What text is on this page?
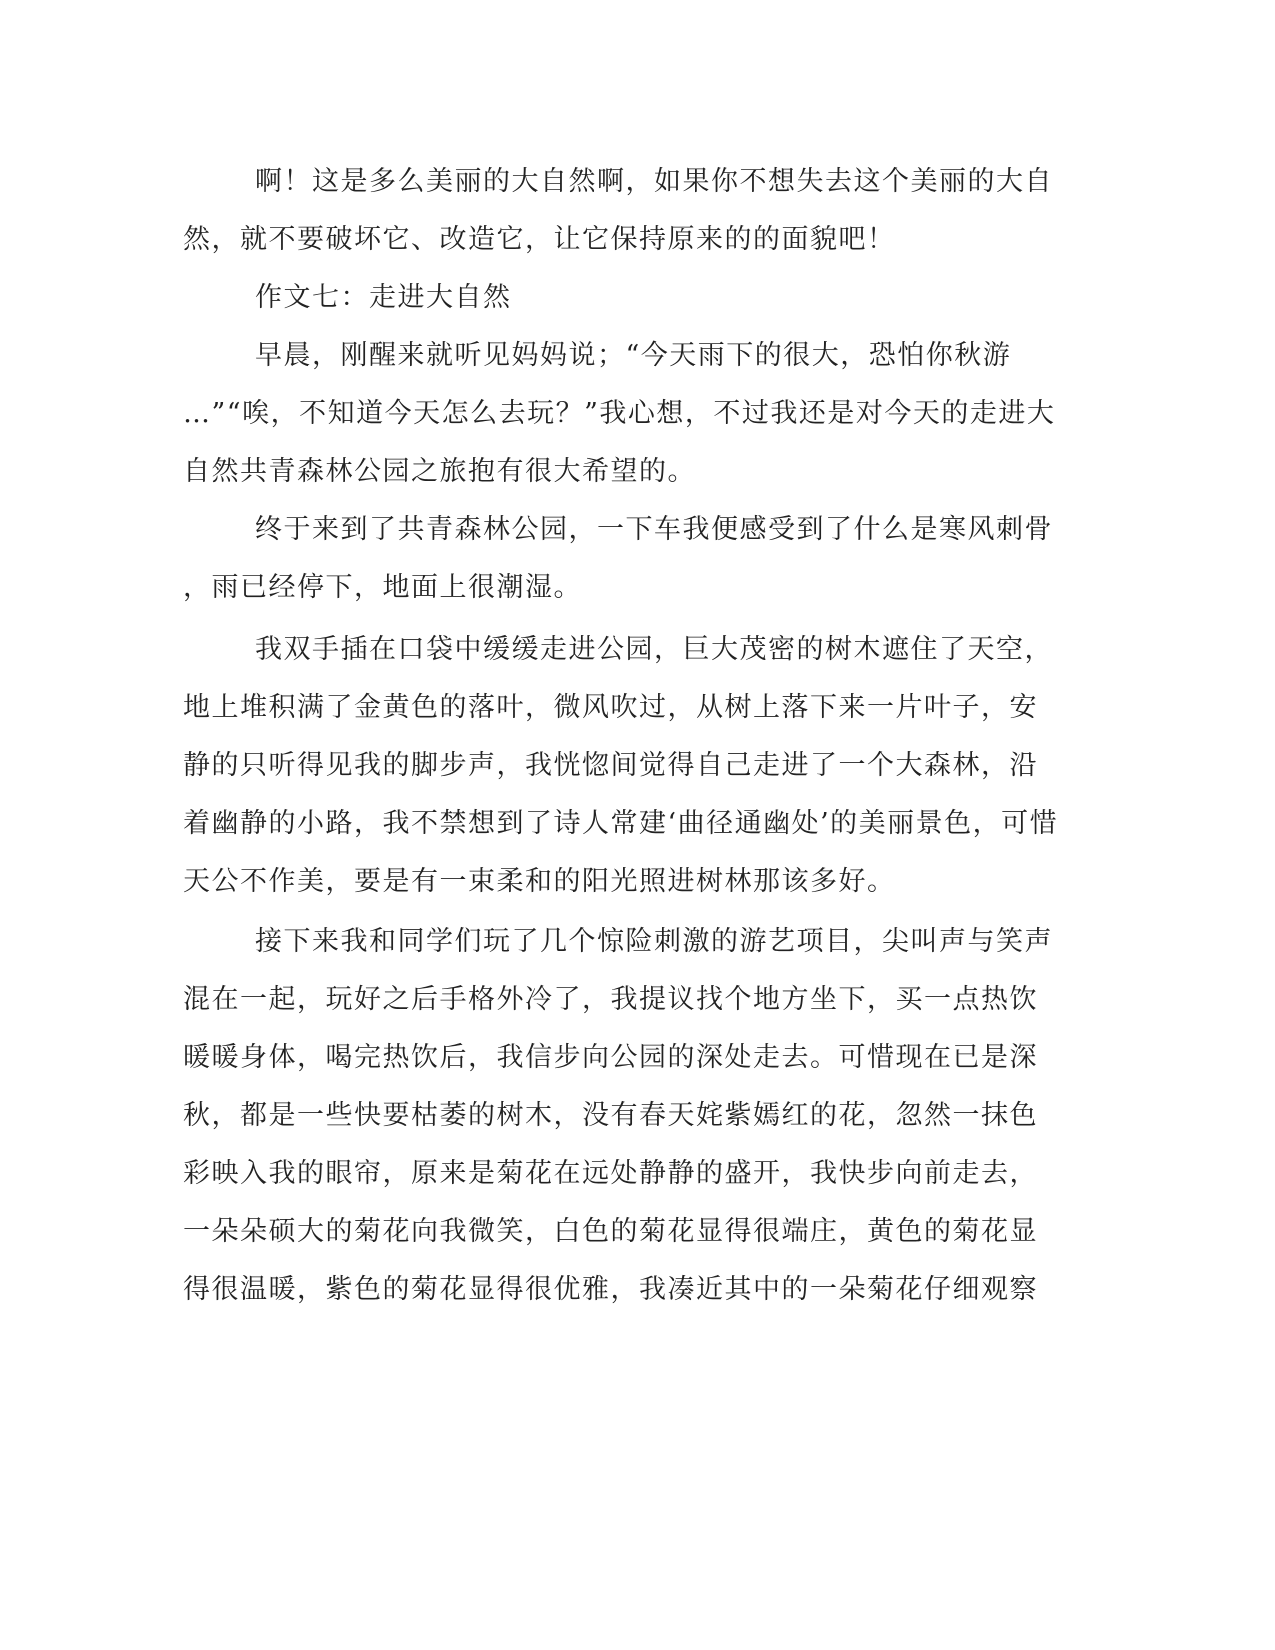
啊！这是多么美丽的大自然啊，如果你不想失去这个美丽的大自
然，就不要破坏它、改造它，让它保持原来的的面貌吧！
作文七：走进大自然
早晨，刚醒来就听见妈妈说；“今天雨下的很大，恐怕你秋游
…”“唉，不知道今天怎么去玩？”我心想，不过我还是对今天的走进大
自然共青森林公园之旅抱有很大希望的。
终于来到了共青森林公园，一下车我便感受到了什么是寒风刺骨
，雨已经停下，地面上很潮湿。
我双手插在口袋中缓缓走进公园，巨大茂密的树木遮住了天空，
地上堆积满了金黄色的落叶，微风吹过，从树上落下来一片叶子，安
静的只听得见我的脚步声，我恍惚间觉得自己走进了一个大森林，沿
着幽静的小路，我不禁想到了诗人常建‘曲径通幽处’的美丽景色，可惜
天公不作美，要是有一束柔和的阳光照进树林那该多好。
接下来我和同学们玩了几个惊险刺激的游艺项目，尖叫声与笑声
混在一起，玩好之后手格外冷了，我提议找个地方坐下，买一点热饮
暖暖身体，喝完热饮后，我信步向公园的深处走去。可惜现在已是深
秋，都是一些快要枯萎的树木，没有春天姹紫嫣红的花，忽然一抹色
彩映入我的眼帘，原来是菊花在远处静静的盛开，我快步向前走去，
一朵朵硕大的菊花向我微笑，白色的菊花显得很端庄，黄色的菊花显
得很温暖，紫色的菊花显得很优雅，我凑近其中的一朵菊花仔细观察
